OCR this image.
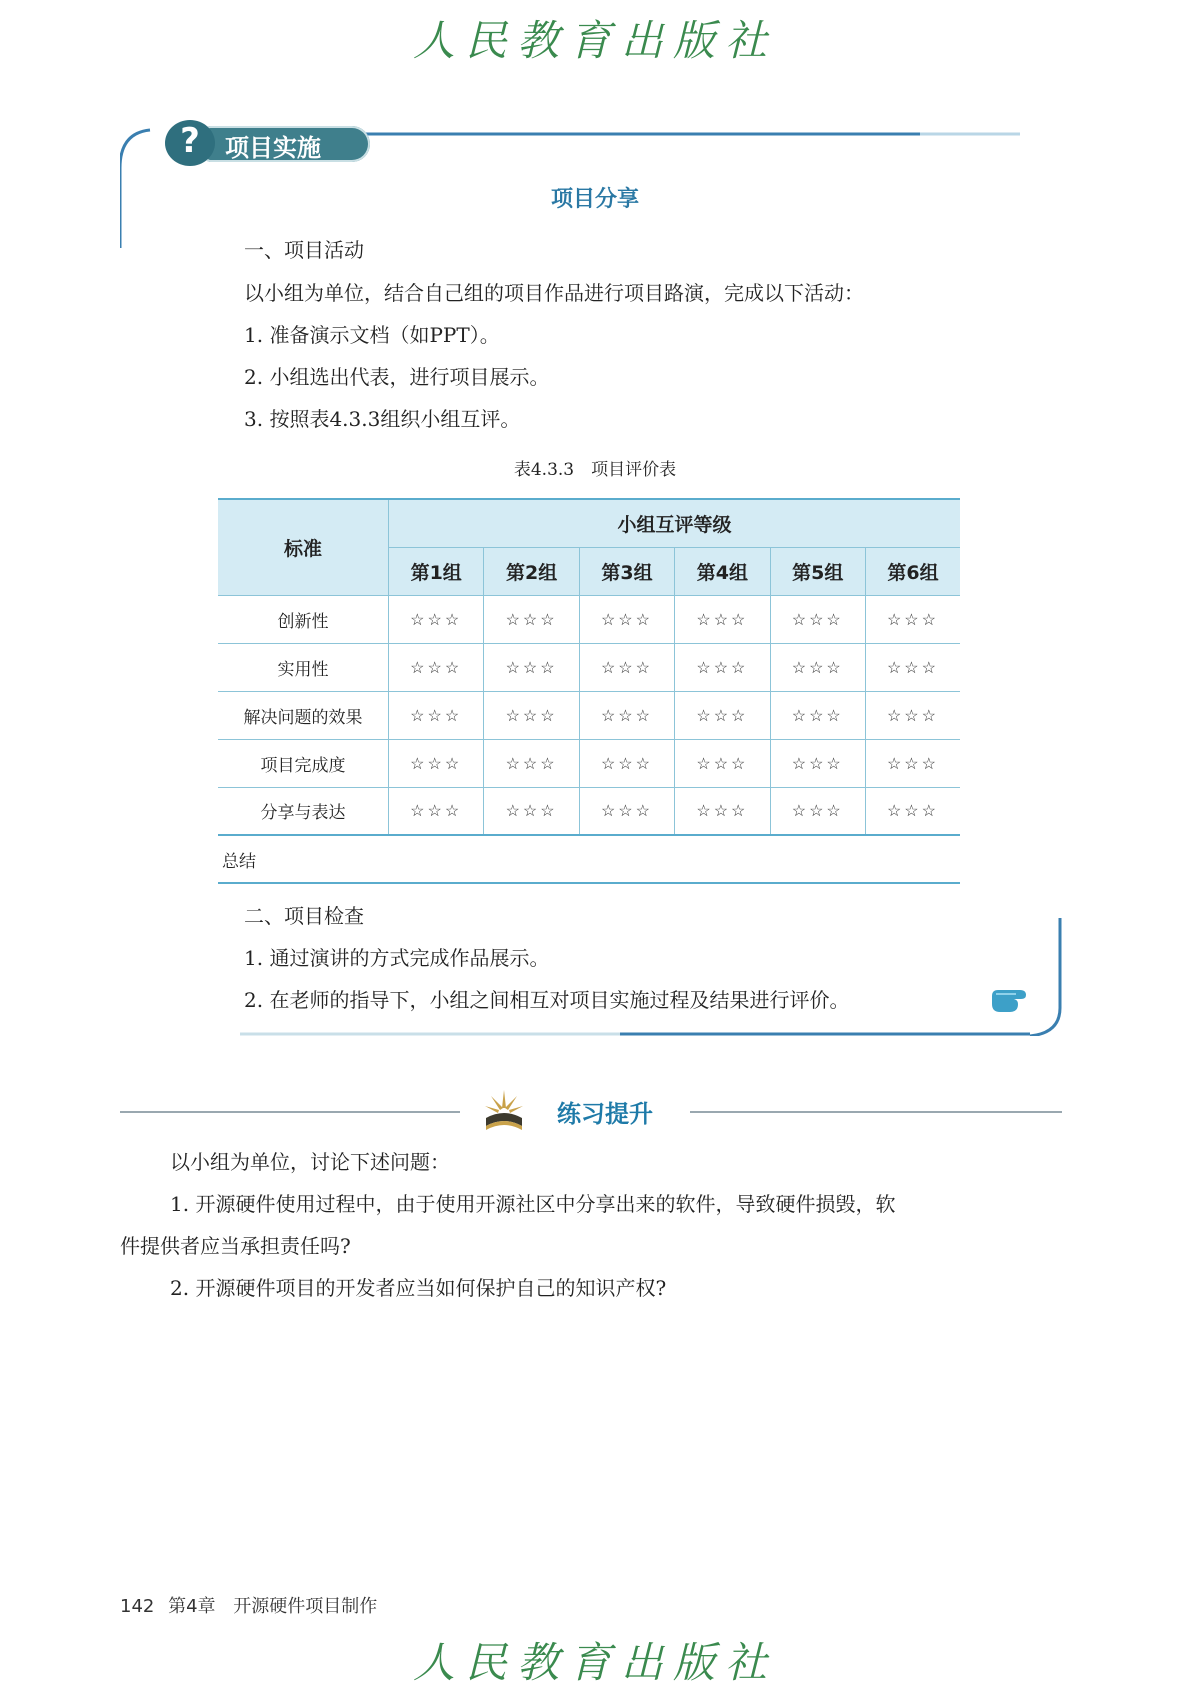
人民教育出版社
?	项目实施
项目分享
一、项目活动
以小组为单位，结合自己组的项目作品进行项目路演，完成以下活动：
1. 准备演示文档（如PPT）。
2. 小组选出代表，进行项目展示。
3. 按照表4.3.3组织小组互评。
表4.3.3　项目评价表
标准	小组互评等级					
	第1组	第2组	第3组	第4组	第5组	第6组
创新性	☆☆☆	☆☆☆	☆☆☆	☆☆☆	☆☆☆	☆☆☆
实用性	☆☆☆	☆☆☆	☆☆☆	☆☆☆	☆☆☆	☆☆☆
解决问题的效果	☆☆☆	☆☆☆	☆☆☆	☆☆☆	☆☆☆	☆☆☆
项目完成度	☆☆☆	☆☆☆	☆☆☆	☆☆☆	☆☆☆	☆☆☆
分享与表达	☆☆☆	☆☆☆	☆☆☆	☆☆☆	☆☆☆	☆☆☆
总结						
二、项目检查
1. 通过演讲的方式完成作品展示。
2. 在老师的指导下，小组之间相互对项目实施过程及结果进行评价。
练习提升
以小组为单位，讨论下述问题：
1. 开源硬件使用过程中，由于使用开源社区中分享出来的软件，导致硬件损毁，软
件提供者应当承担责任吗?
2. 开源硬件项目的开发者应当如何保护自己的知识产权?
142 第4章 开源硬件项目制作
人民教育出版社
